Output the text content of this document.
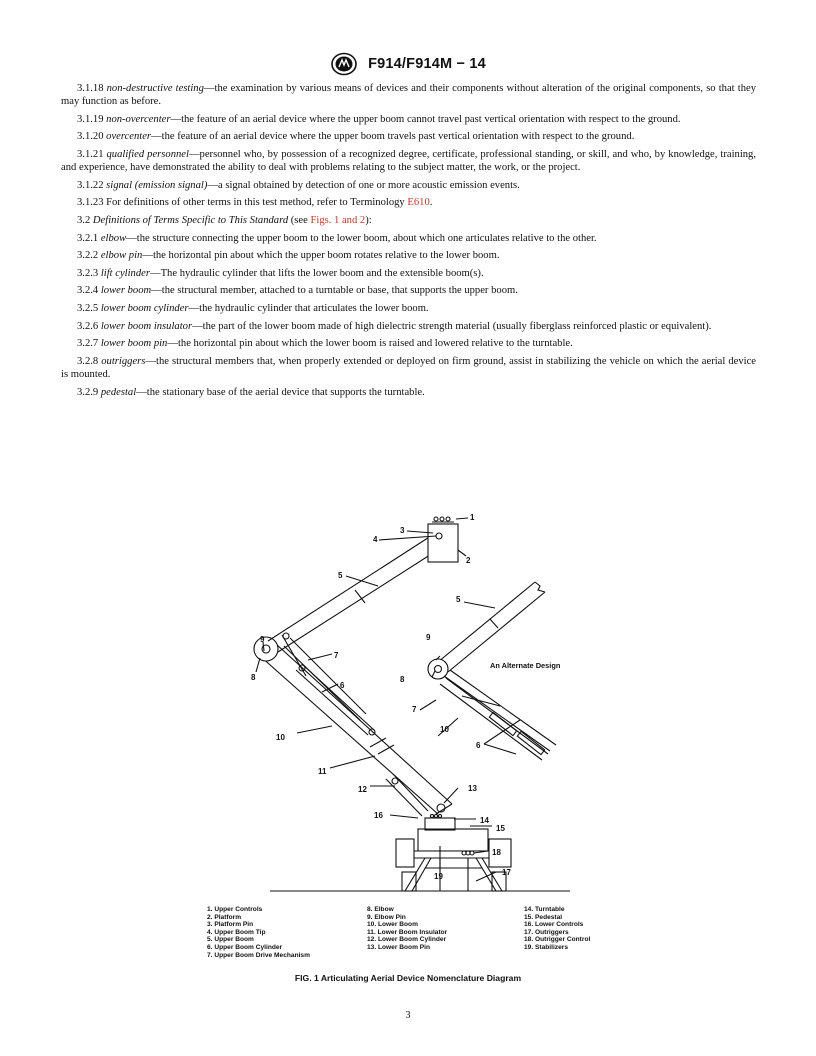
F914/F914M − 14

3.1.18 non-destructive testing—the examination by various means of devices and their components without alteration of the original components, so that they may function as before.

3.1.19 non-overcenter—the feature of an aerial device where the upper boom cannot travel past vertical orientation with respect to the ground.

3.1.20 overcenter—the feature of an aerial device where the upper boom travels past vertical orientation with respect to the ground.

3.1.21 qualified personnel—personnel who, by possession of a recognized degree, certificate, professional standing, or skill, and who, by knowledge, training, and experience, have demonstrated the ability to deal with problems relating to the subject matter, the work, or the project.

3.1.22 signal (emission signal)—a signal obtained by detection of one or more acoustic emission events.

3.1.23 For definitions of other terms in this test method, refer to Terminology E610.

3.2 Definitions of Terms Specific to This Standard (see Figs. 1 and 2):

3.2.1 elbow—the structure connecting the upper boom to the lower boom, about which one articulates relative to the other.

3.2.2 elbow pin—the horizontal pin about which the upper boom rotates relative to the lower boom.

3.2.3 lift cylinder—The hydraulic cylinder that lifts the lower boom and the extensible boom(s).

3.2.4 lower boom—the structural member, attached to a turntable or base, that supports the upper boom.

3.2.5 lower boom cylinder—the hydraulic cylinder that articulates the lower boom.

3.2.6 lower boom insulator—the part of the lower boom made of high dielectric strength material (usually fiberglass reinforced plastic or equivalent).

3.2.7 lower boom pin—the horizontal pin about which the lower boom is raised and lowered relative to the turntable.

3.2.8 outriggers—the structural members that, when properly extended or deployed on firm ground, assist in stabilizing the vehicle on which the aerial device is mounted.

3.2.9 pedestal—the stationary base of the aerial device that supports the turntable.

1
2
3
4
5
5
6
6
7
7
8	8
9	9
10
10
11
12	13
14
15
16
17
18
19
An Alternate Design
1. Upper Controls
2. Platform
3. Platform Pin
4. Upper Boom Tip
5. Upper Boom
6. Upper Boom Cylinder
7. Upper Boom Drive Mechanism
8. Elbow
9. Elbow Pin
10. Lower Boom
11. Lower Boom Insulator
12. Lower Boom Cylinder
13. Lower Boom Pin
14. Turntable
15. Pedestal
16. Lower Controls
17. Outriggers
18. Outrigger Control
19. Stabilizers
FIG. 1 Articulating Aerial Device Nomenclature Diagram
3
